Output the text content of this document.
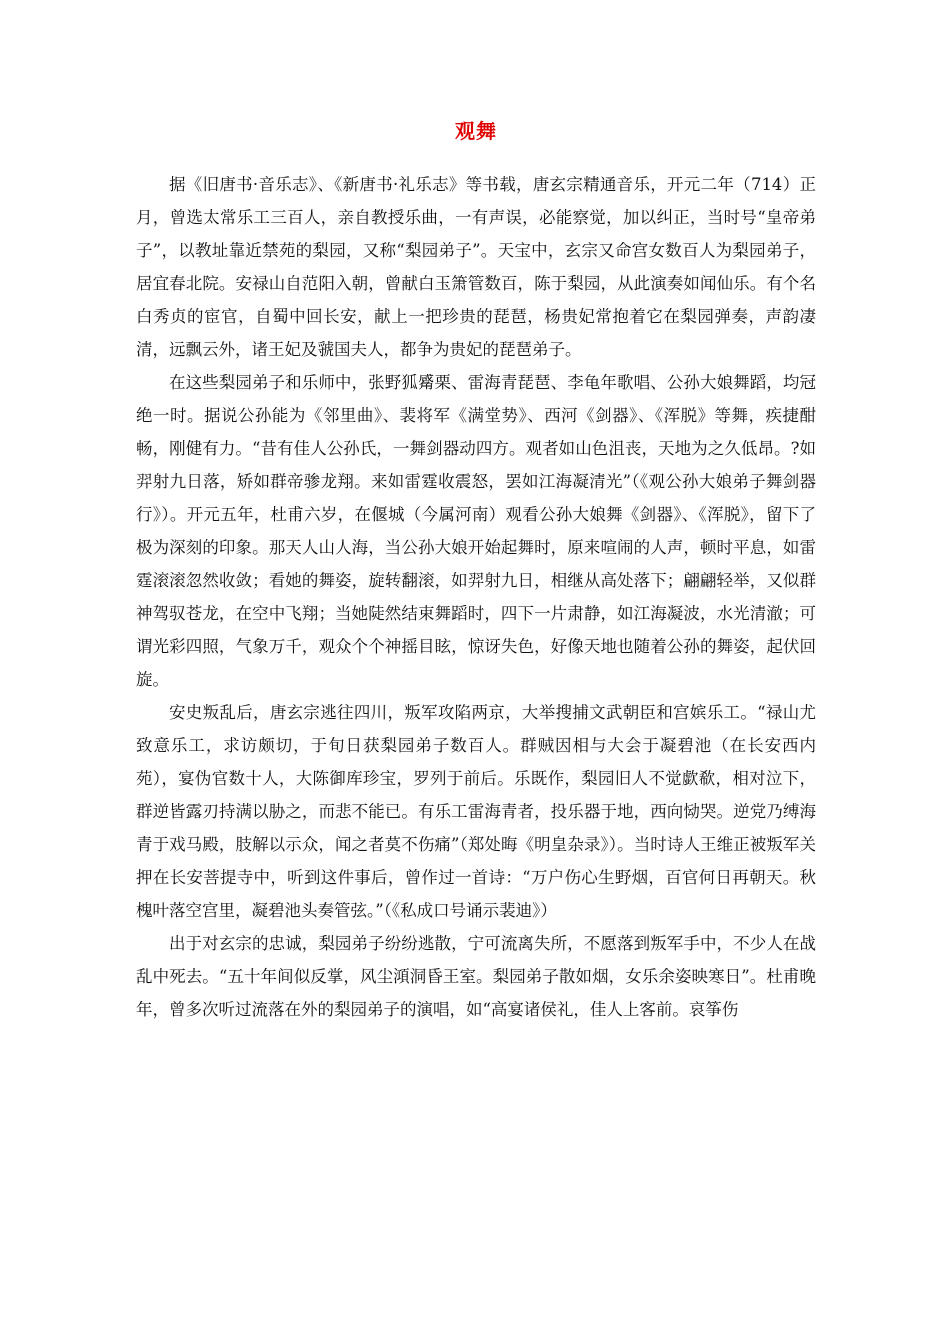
观舞

据《旧唐书·音乐志》、《新唐书·礼乐志》等书载，唐玄宗精通音乐，开元二年（714）正月，曾选太常乐工三百人，亲自教授乐曲，一有声误，必能察觉，加以纠正，当时号“皇帝弟子”，以教址靠近禁苑的梨园，又称“梨园弟子”。天宝中，玄宗又命宫女数百人为梨园弟子，居宜春北院。安禄山自范阳入朝，曾献白玉箫管数百，陈于梨园，从此演奏如闻仙乐。有个名白秀贞的宦官，自蜀中回长安，献上一把珍贵的琵琶，杨贵妃常抱着它在梨园弹奏，声韵凄清，远飘云外，诸王妃及虢国夫人，都争为贵妃的琵琶弟子。

在这些梨园弟子和乐师中，张野狐觱栗、雷海青琵琶、李龟年歌唱、公孙大娘舞蹈，均冠绝一时。据说公孙能为《邻里曲》、裴将军《满堂势》、西河《剑器》、《浑脱》等舞，疾捷酣畅，刚健有力。“昔有佳人公孙氏，一舞剑器动四方。观者如山色沮丧，天地为之久低昂。?如羿射九日落，矫如群帝骖龙翔。来如雷霆收震怒，罢如江海凝清光”（《观公孙大娘弟子舞剑器行》）。开元五年，杜甫六岁，在偃城（今属河南）观看公孙大娘舞《剑器》、《浑脱》，留下了极为深刻的印象。那天人山人海，当公孙大娘开始起舞时，原来喧闹的人声，顿时平息，如雷霆滚滚忽然收敛；看她的舞姿，旋转翻滚，如羿射九日，相继从高处落下；翩翩轻举，又似群神驾驭苍龙，在空中飞翔；当她陡然结束舞蹈时，四下一片肃静，如江海凝波，水光清澈；可谓光彩四照，气象万千，观众个个神摇目眩，惊讶失色，好像天地也随着公孙的舞姿，起伏回旋。

安史叛乱后，唐玄宗逃往四川，叛军攻陷两京，大举搜捕文武朝臣和宫嫔乐工。“禄山尤致意乐工，求访颇切，于旬日获梨园弟子数百人。群贼因相与大会于凝碧池（在长安西内苑），宴伪官数十人，大陈御库珍宝，罗列于前后。乐既作，梨园旧人不觉歔欷，相对泣下，群逆皆露刃持满以胁之，而悲不能已。有乐工雷海青者，投乐器于地，西向恸哭。逆党乃缚海青于戏马殿，肢解以示众，闻之者莫不伤痛”（郑处晦《明皇杂录》）。当时诗人王维正被叛军关押在长安菩提寺中，听到这件事后，曾作过一首诗：“万户伤心生野烟，百官何日再朝天。秋槐叶落空宫里，凝碧池头奏管弦。”（《私成口号诵示裴迪》）

出于对玄宗的忠诚，梨园弟子纷纷逃散，宁可流离失所，不愿落到叛军手中，不少人在战乱中死去。“五十年间似反掌，风尘澒洞昏王室。梨园弟子散如烟，女乐余姿映寒日”。杜甫晚年，曾多次听过流落在外的梨园弟子的演唱，如“高宴诸侯礼，佳人上客前。哀筝伤
